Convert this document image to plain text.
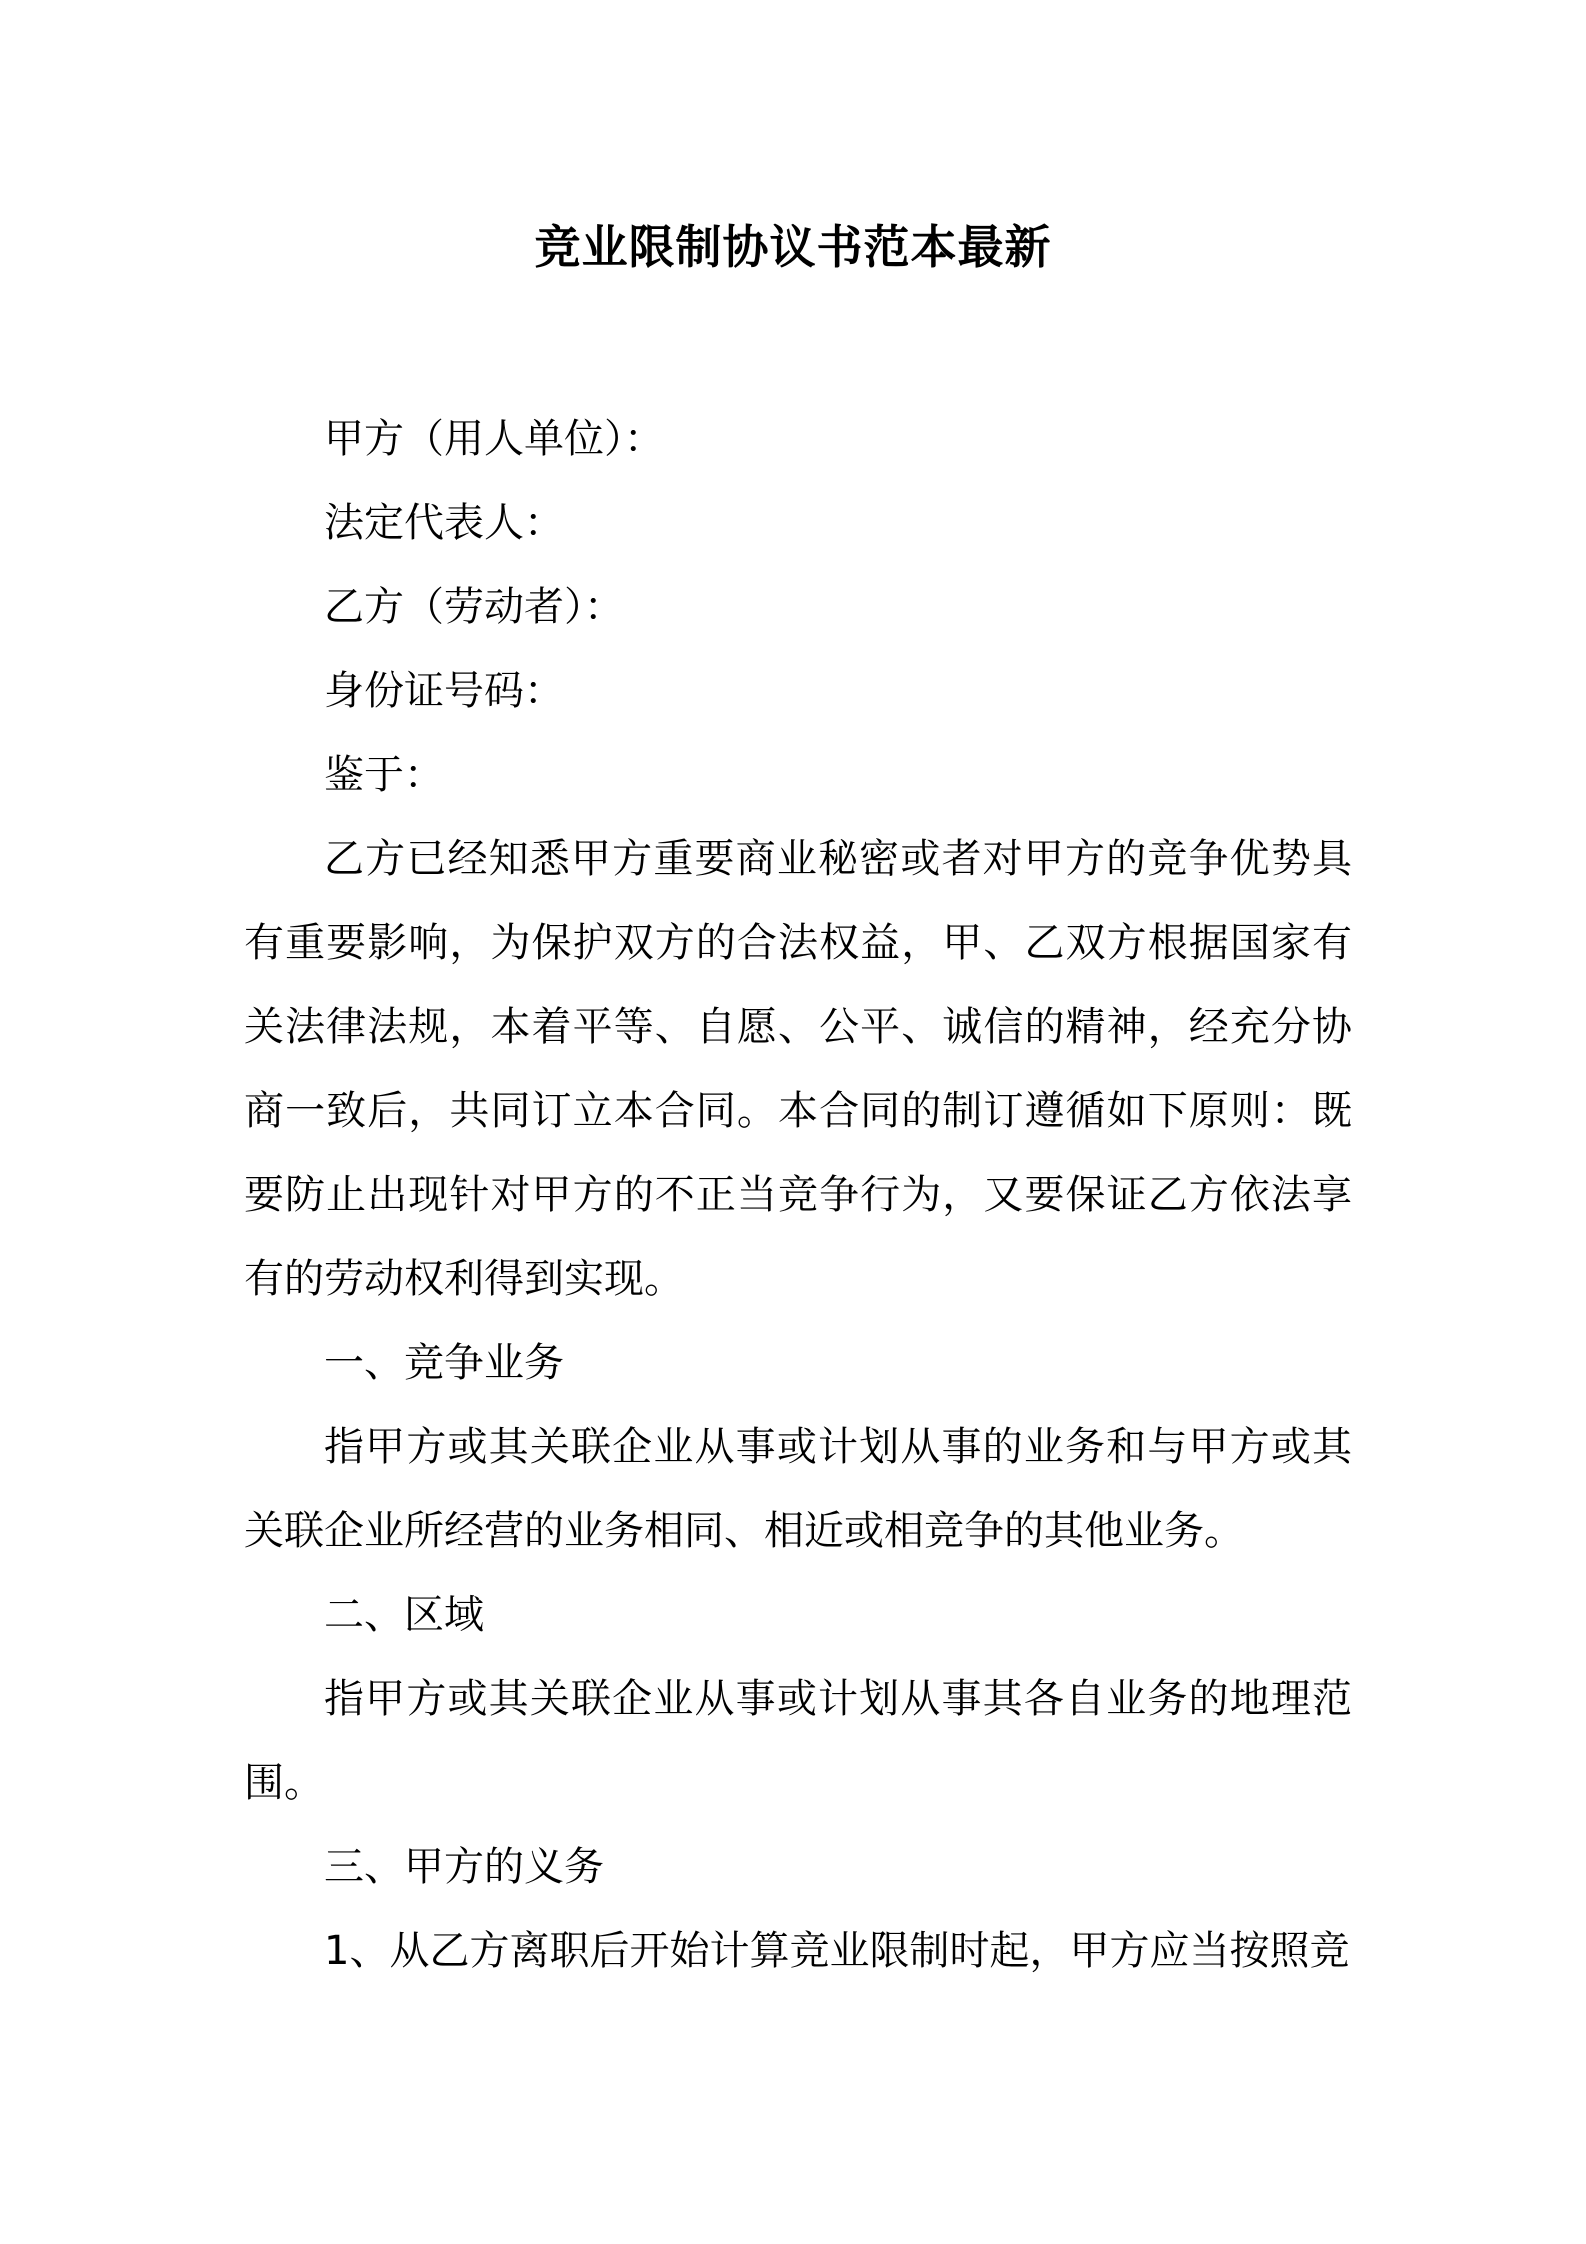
竞业限制协议书范本最新

甲方（用人单位）：

法定代表人：

乙方（劳动者）：

身份证号码：

鉴于：

乙方已经知悉甲方重要商业秘密或者对甲方的竞争优势具有重要影响，为保护双方的合法权益，甲、乙双方根据国家有关法律法规，本着平等、自愿、公平、诚信的精神，经充分协商一致后，共同订立本合同。本合同的制订遵循如下原则：既要防止出现针对甲方的不正当竞争行为，又要保证乙方依法享有的劳动权利得到实现。

一、竞争业务

指甲方或其关联企业从事或计划从事的业务和与甲方或其关联企业所经营的业务相同、相近或相竞争的其他业务。

二、区域

指甲方或其关联企业从事或计划从事其各自业务的地理范围。

三、甲方的义务

1、从乙方离职后开始计算竞业限制时起，甲方应当按照竞
